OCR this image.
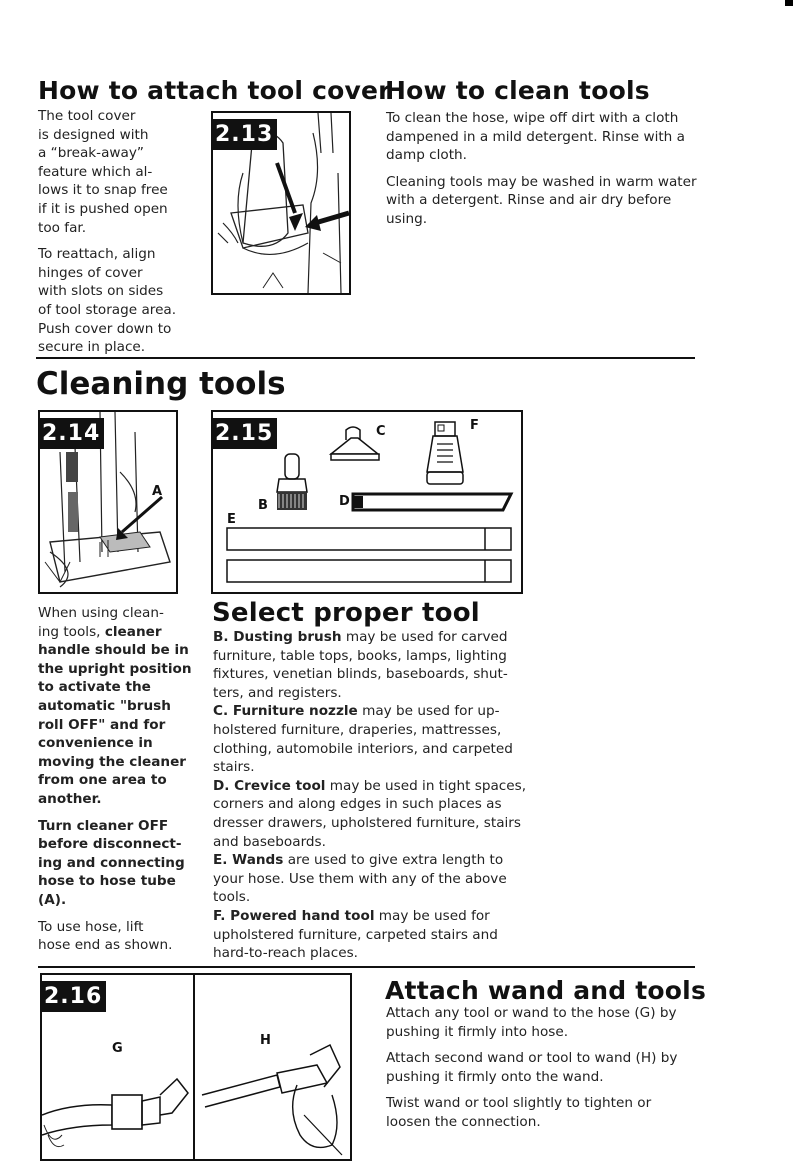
How to attach tool cover

The tool cover
is designed with
a “break-away”
feature which al-
lows it to snap free
if it is pushed open
too far.

To reattach, align
hinges of cover
with slots on sides
of tool storage area.
Push cover down to
secure in place.

2.13
How to clean tools

To clean the hose, wipe off dirt with a cloth
dampened in a mild detergent. Rinse with a
damp cloth.

Cleaning tools may be washed in warm water
with a detergent. Rinse and air dry before
using.

Cleaning tools
2.14
A
2.15
B
C
D
E
F

When using clean-
ing tools, cleaner
handle should be in
the upright position
to activate the
automatic "brush
roll OFF" and for
convenience in
moving the cleaner
from one area to
another.

Turn cleaner OFF
before disconnect-
ing and connecting
hose to hose tube
(A).

To use hose, lift
hose end as shown.

Select proper tool
B. Dusting brush may be used for carved
furniture, table tops, books, lamps, lighting
fixtures, venetian blinds, baseboards, shut-
ters, and registers.
C. Furniture nozzle may be used for up-
holstered furniture, draperies, mattresses,
clothing, automobile interiors, and carpeted
stairs.
D. Crevice tool may be used in tight spaces,
corners and along edges in such places as
dresser drawers, upholstered furniture, stairs
and baseboards.
E. Wands are used to give extra length to
your hose. Use them with any of the above
tools.
F. Powered hand tool may be used for
upholstered furniture, carpeted stairs and
hard-to-reach places.
2.16
G
H
Attach wand and tools

Attach any tool or wand to the hose (G) by
pushing it firmly into hose.

Attach second wand or tool to wand (H) by
pushing it firmly onto the wand.

Twist wand or tool slightly to tighten or
loosen the connection.
